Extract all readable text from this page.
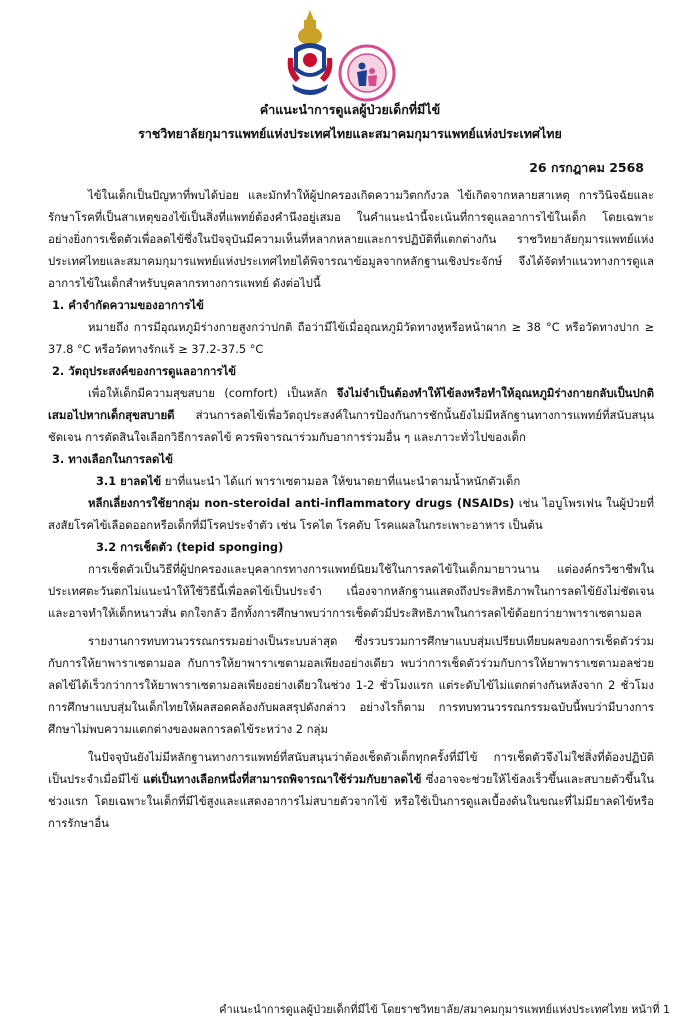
คำแนะนำการดูแลผู้ป่วยเด็กที่มีไข้
ราชวิทยาลัยกุมารแพทย์แห่งประเทศไทยและสมาคมกุมารแพทย์แห่งประเทศไทย
26 กรกฎาคม 2568

ไข้ในเด็กเป็นปัญหาที่พบได้บ่อย และมักทำให้ผู้ปกครองเกิดความวิตกกังวล ไข้เกิดจากหลายสาเหตุ การวินิจฉัยและรักษาโรคที่เป็นสาเหตุของไข้เป็นสิ่งที่แพทย์ต้องคำนึงอยู่เสมอ ในคำแนะนำนี้จะเน้นที่การดูแลอาการไข้ในเด็ก โดยเฉพาะอย่างยิ่งการเช็ดตัวเพื่อลดไข้ซึ่งในปัจจุบันมีความเห็นที่หลากหลายและการปฏิบัติที่แตกต่างกัน ราชวิทยาลัยกุมารแพทย์แห่งประเทศไทยและสมาคมกุมารแพทย์แห่งประเทศไทยได้พิจารณาข้อมูลจากหลักฐานเชิงประจักษ์ จึงได้จัดทำแนวทางการดูแลอาการไข้ในเด็กสำหรับบุคลากรทางการแพทย์ ดังต่อไปนี้

1. คำจำกัดความของอาการไข้

หมายถึง การมีอุณหภูมิร่างกายสูงกว่าปกติ ถือว่ามีไข้เมื่ออุณหภูมิวัดทางหูหรือหน้าผาก ≥ 38 °C หรือวัดทางปาก ≥ 37.8 °C หรือวัดทางรักแร้ ≥ 37.2-37.5 °C

2. วัตถุประสงค์ของการดูแลอาการไข้

เพื่อให้เด็กมีความสุขสบาย (comfort) เป็นหลัก จึงไม่จำเป็นต้องทำให้ไข้ลงหรือทำให้อุณหภูมิร่างกายกลับเป็นปกติเสมอไปหากเด็กสุขสบายดี ส่วนการลดไข้เพื่อวัตถุประสงค์ในการป้องกันการชักนั้นยังไม่มีหลักฐานทางการแพทย์ที่สนับสนุนชัดเจน การตัดสินใจเลือกวิธีการลดไข้ ควรพิจารณาร่วมกับอาการร่วมอื่น ๆ และภาวะทั่วไปของเด็ก

3. ทางเลือกในการลดไข้

3.1 ยาลดไข้ ยาที่แนะนำ ได้แก่ พาราเซตามอล ให้ขนาดยาที่แนะนำตามน้ำหนักตัวเด็ก

หลีกเลี่ยงการใช้ยากลุ่ม non-steroidal anti-inflammatory drugs (NSAIDs) เช่น ไอบูโพรเฟน ในผู้ป่วยที่สงสัยโรคไข้เลือดออกหรือเด็กที่มีโรคประจำตัว เช่น โรคไต โรคตับ โรคแผลในกระเพาะอาหาร เป็นต้น

3.2 การเช็ดตัว (tepid sponging)

การเช็ดตัวเป็นวิธีที่ผู้ปกครองและบุคลากรทางการแพทย์นิยมใช้ในการลดไข้ในเด็กมายาวนาน แต่องค์กรวิชาชีพในประเทศตะวันตกไม่แนะนำให้ใช้วิธีนี้เพื่อลดไข้เป็นประจำ เนื่องจากหลักฐานแสดงถึงประสิทธิภาพในการลดไข้ยังไม่ชัดเจน และอาจทำให้เด็กหนาวสั่น ตกใจกลัว อีกทั้งการศึกษาพบว่าการเช็ดตัวมีประสิทธิภาพในการลดไข้ด้อยกว่ายาพาราเซตามอล

รายงานการทบทวนวรรณกรรมอย่างเป็นระบบล่าสุด ซึ่งรวบรวมการศึกษาแบบสุ่มเปรียบเทียบผลของการเช็ดตัวร่วมกับการให้ยาพาราเซตามอล กับการให้ยาพาราเซตามอลเพียงอย่างเดียว พบว่าการเช็ดตัวร่วมกับการให้ยาพาราเซตามอลช่วยลดไข้ได้เร็วกว่าการให้ยาพาราเซตามอลเพียงอย่างเดียวในช่วง 1-2 ชั่วโมงแรก แต่ระดับไข้ไม่แตกต่างกันหลังจาก 2 ชั่วโมง การศึกษาแบบสุ่มในเด็กไทยให้ผลสอดคล้องกับผลสรุปดังกล่าว อย่างไรก็ตาม การทบทวนวรรณกรรมฉบับนี้พบว่ามีบางการศึกษาไม่พบความแตกต่างของผลการลดไข้ระหว่าง 2 กลุ่ม

ในปัจจุบันยังไม่มีหลักฐานทางการแพทย์ที่สนับสนุนว่าต้องเช็ดตัวเด็กทุกครั้งที่มีไข้ การเช็ดตัวจึงไม่ใช่สิ่งที่ต้องปฏิบัติเป็นประจำเมื่อมีไข้ แต่เป็นทางเลือกหนึ่งที่สามารถพิจารณาใช้ร่วมกับยาลดไข้ ซึ่งอาจจะช่วยให้ไข้ลงเร็วขึ้นและสบายตัวขึ้นในช่วงแรก โดยเฉพาะในเด็กที่มีไข้สูงและแสดงอาการไม่สบายตัวจากไข้ หรือใช้เป็นการดูแลเบื้องต้นในขณะที่ไม่มียาลดไข้หรือการรักษาอื่น

คำแนะนำการดูแลผู้ป่วยเด็กที่มีไข้ โดยราชวิทยาลัย/สมาคมกุมารแพทย์แห่งประเทศไทย หน้าที่ 1
